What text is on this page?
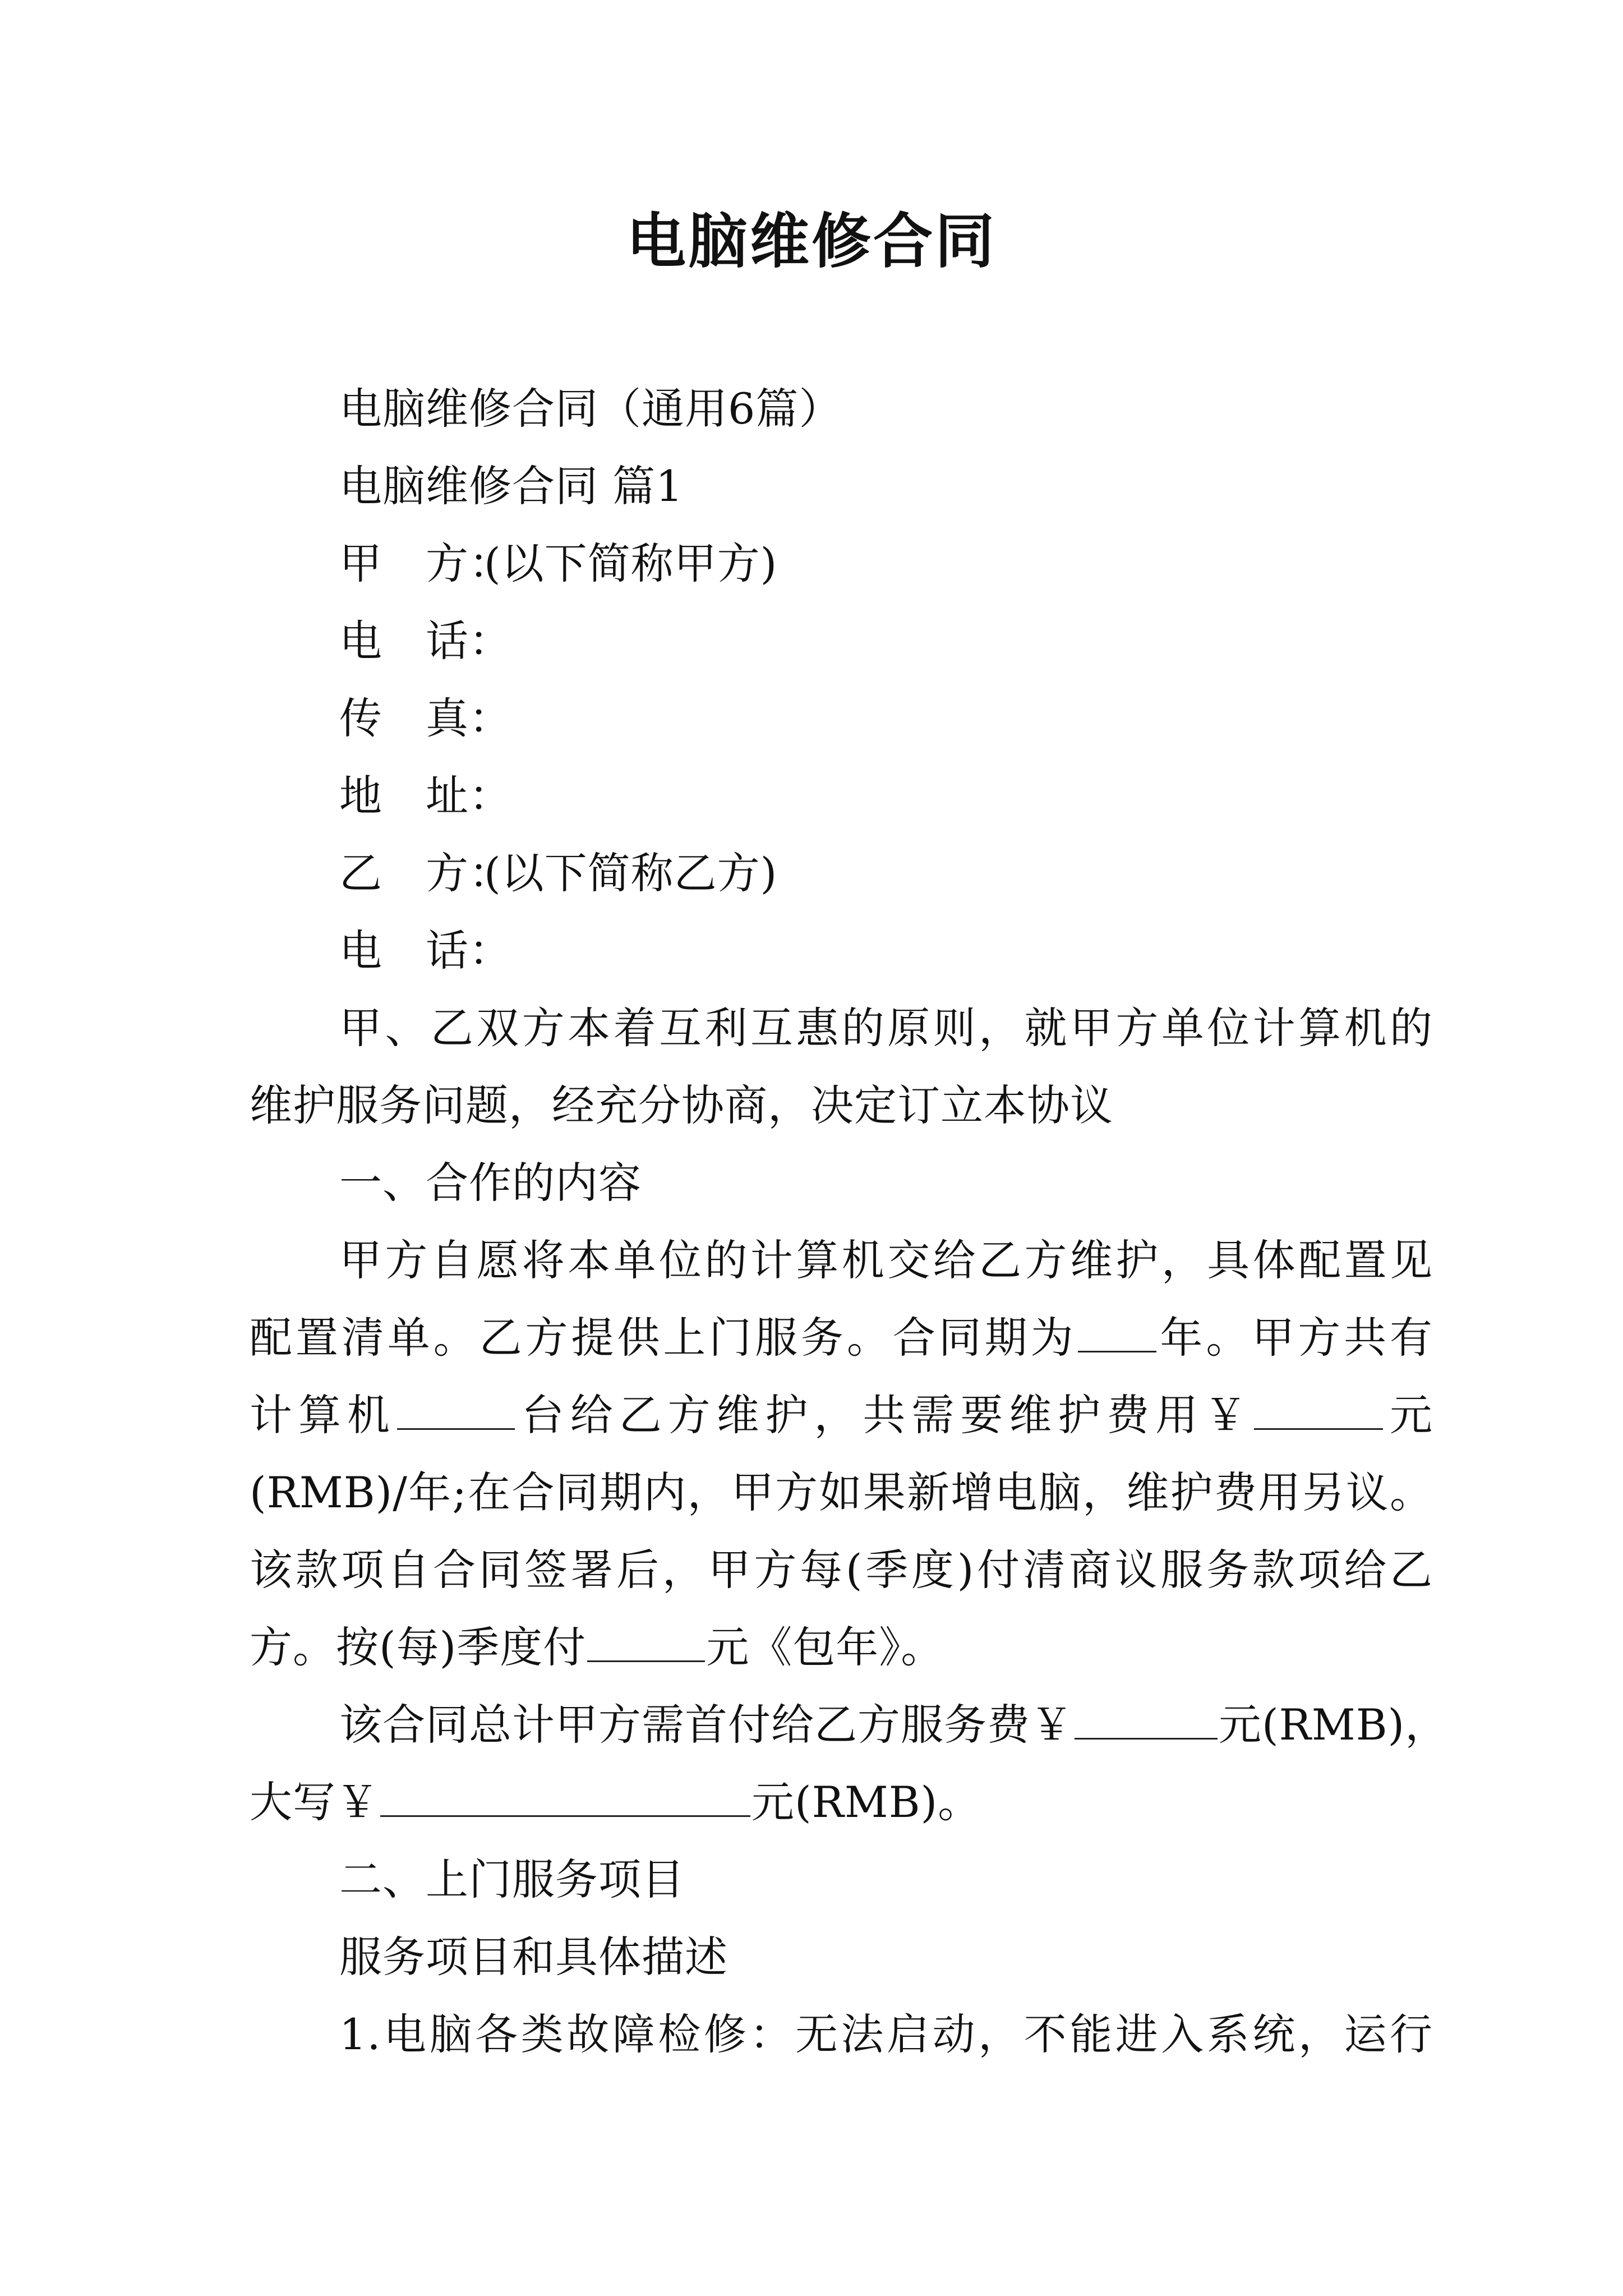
电脑维修合同
电脑维修合同（通用6篇）
电脑维修合同 篇1
甲　方：(以下简称甲方)
电　话：
传　真：
地　址：
乙　方：(以下简称乙方)
电　话：
甲、乙双方本着互利互惠的原则，就甲方单位计算机的
维护服务问题，经充分协商，决定订立本协议
一、合作的内容
甲方自愿将本单位的计算机交给乙方维护，具体配置见
配置清单。乙方提供上门服务。合同期为 年。甲方共有
计算机	台给乙方维护，共需要维护费用￥	元
(RMB)/年;在合同期内，甲方如果新增电脑，维护费用另议。
该款项自合同签署后，甲方每(季度)付清商议服务款项给乙
方。按(每)季度付	元《包年》。
该合同总计甲方需首付给乙方服务费￥	元(RMB)，
大写￥	元(RMB)。
二、上门服务项目
服务项目和具体描述
1.电脑各类故障检修：无法启动，不能进入系统，运行
